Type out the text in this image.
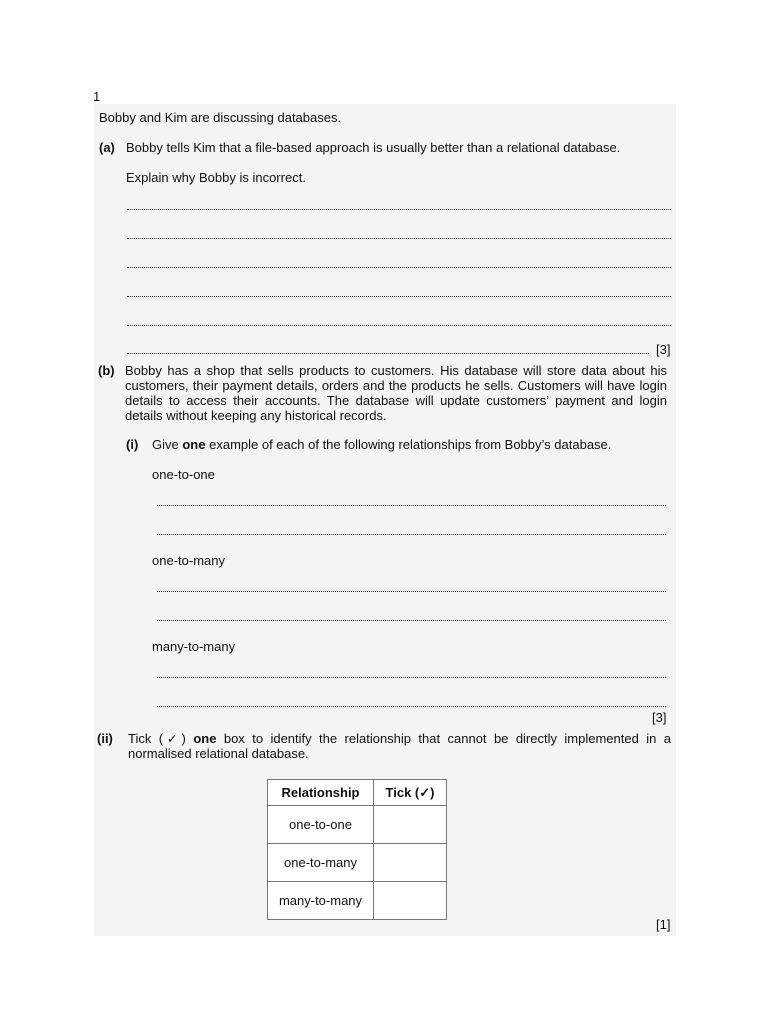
1
Bobby and Kim are discussing databases.
(a) Bobby tells Kim that a file-based approach is usually better than a relational database.
Explain why Bobby is incorrect.
[3]
(b) Bobby has a shop that sells products to customers. His database will store data about his customers, their payment details, orders and the products he sells. Customers will have login details to access their accounts. The database will update customers’ payment and login details without keeping any historical records.
(i) Give one example of each of the following relationships from Bobby’s database.
one-to-one
one-to-many
many-to-many
[3]
(ii) Tick (✓) one box to identify the relationship that cannot be directly implemented in a normalised relational database.
Relationship	Tick (✓)
one-to-one	
one-to-many	
many-to-many	
[1]
